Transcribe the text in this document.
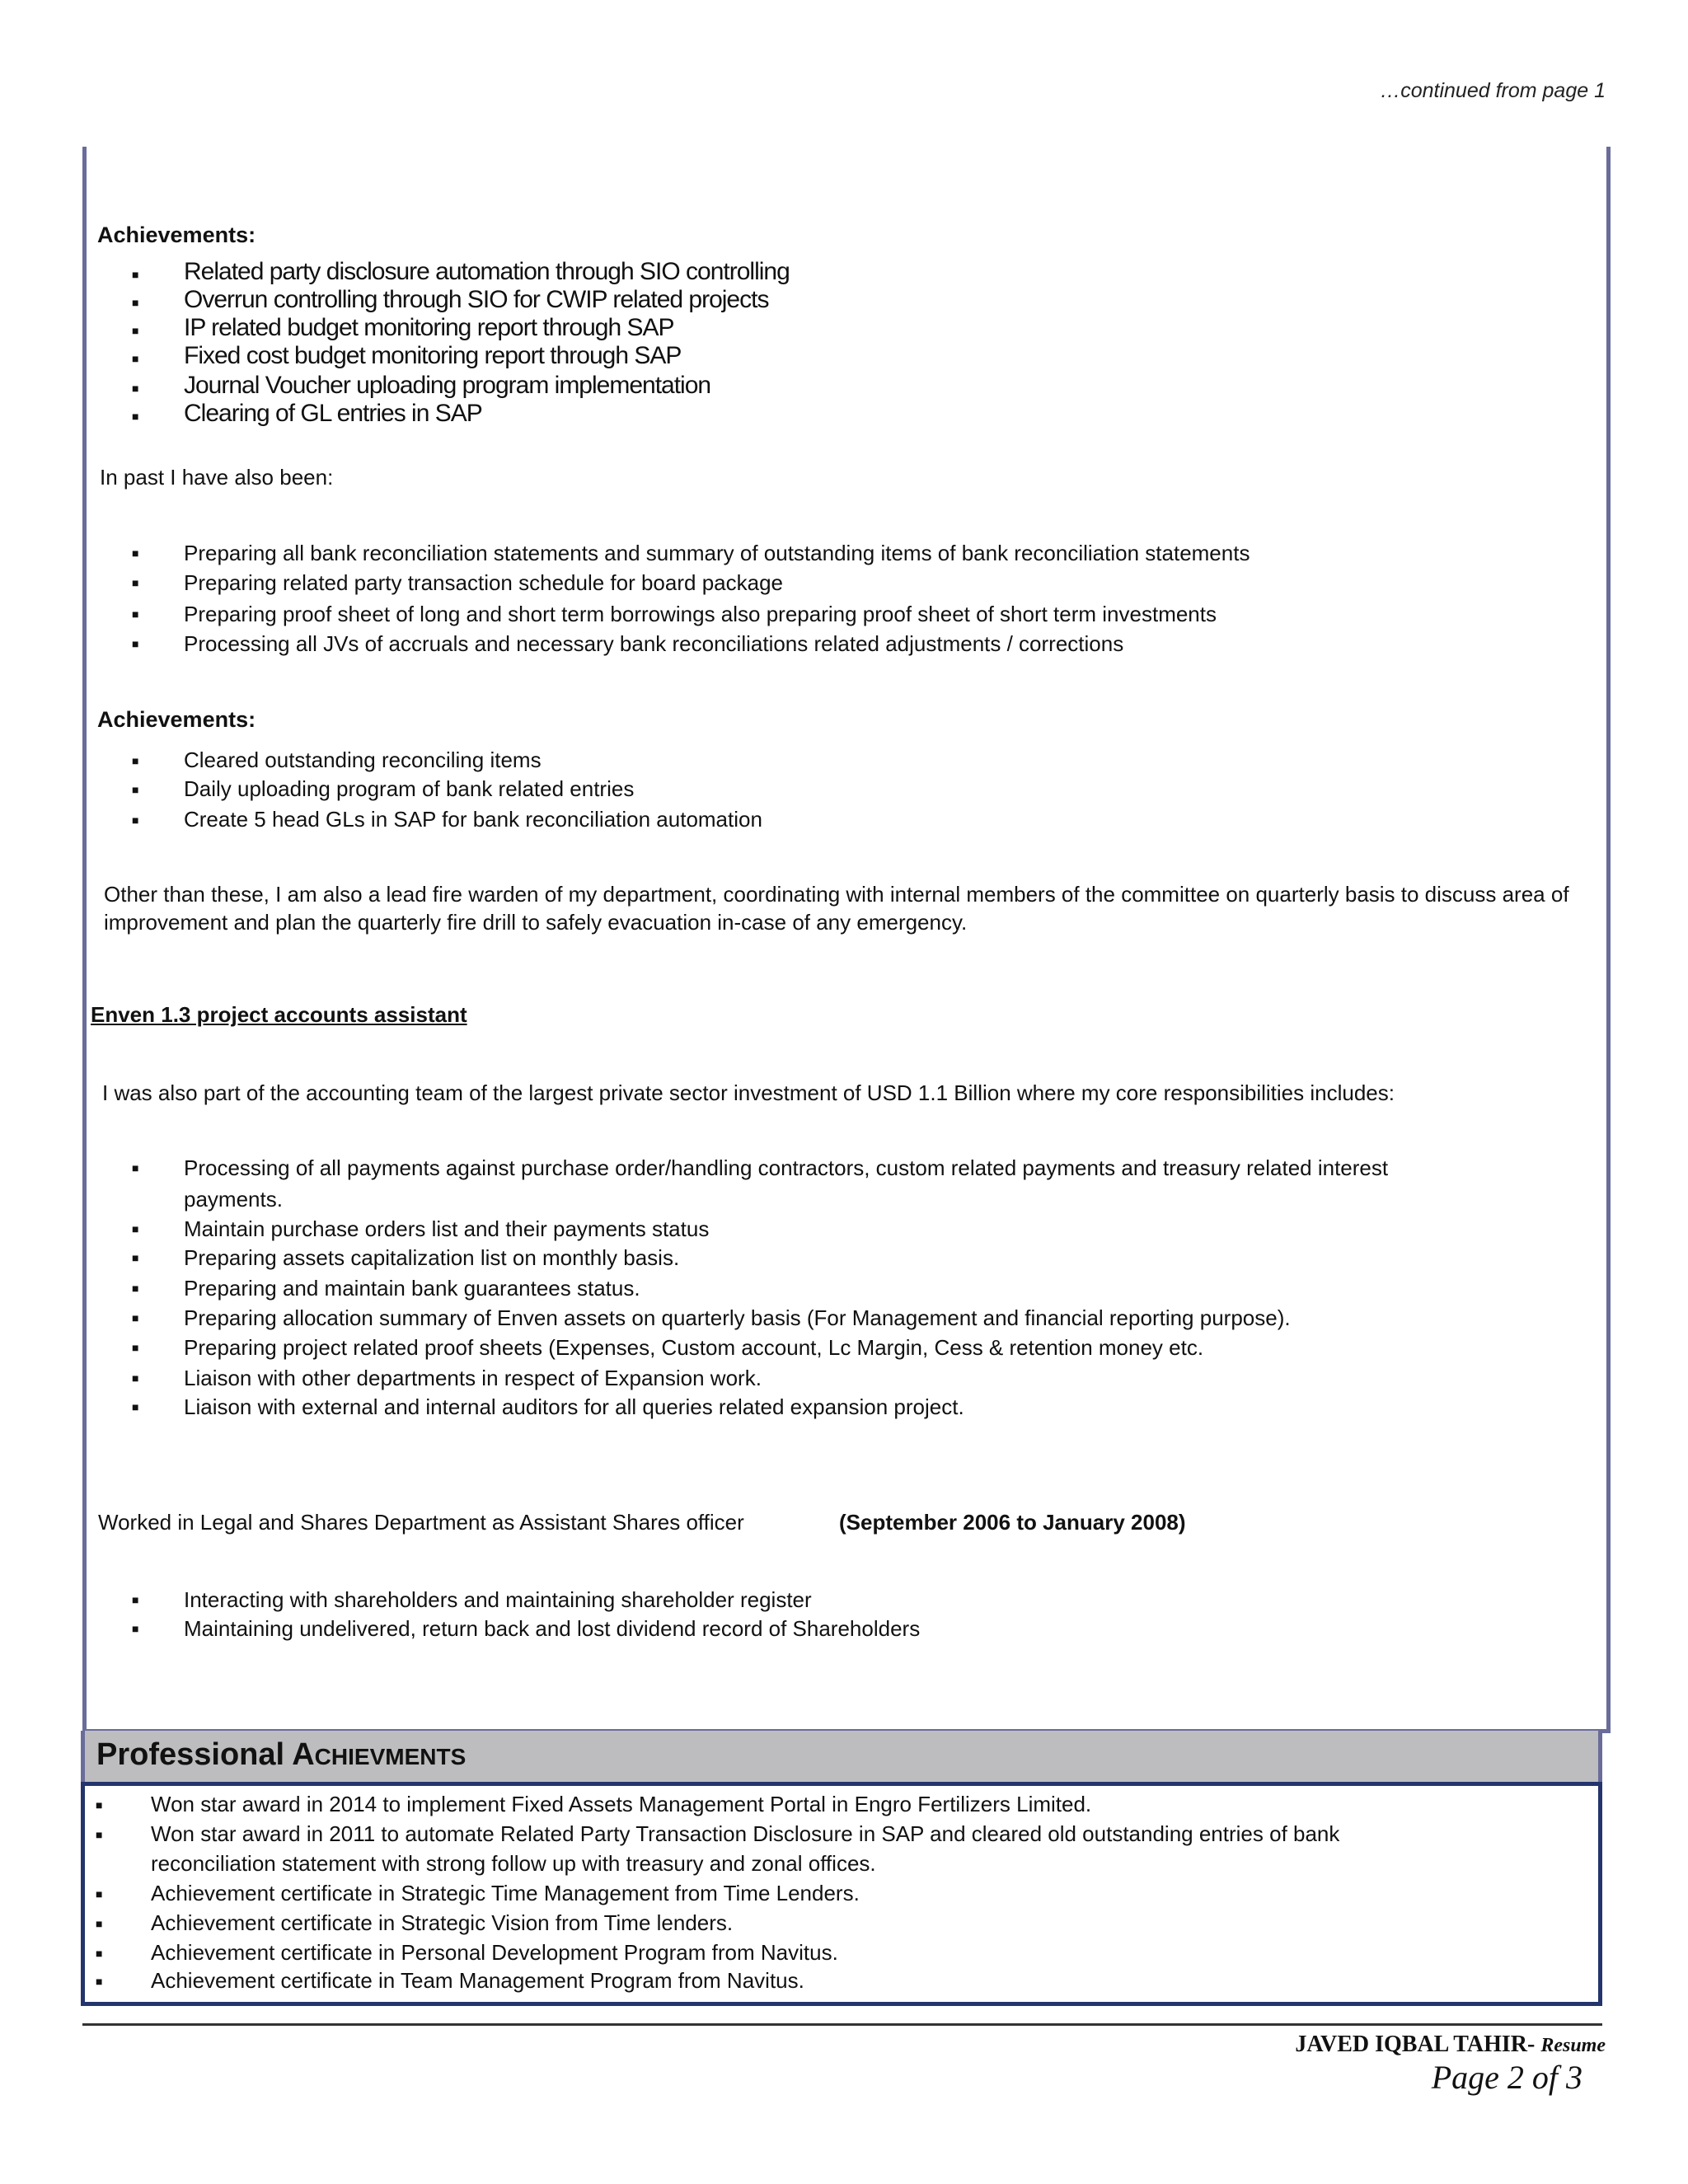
…continued from page 1
Achievements:
■ Related party disclosure automation through SIO controlling
■ Overrun controlling through SIO for CWIP related projects
■ IP related budget monitoring report through SAP
■ Fixed cost budget monitoring report through SAP
■ Journal Voucher uploading program implementation
■ Clearing of GL entries in SAP
In past I have also been:
■ Preparing all bank reconciliation statements and summary of outstanding items of bank reconciliation statements
■ Preparing related party transaction schedule for board package
■ Preparing proof sheet of long and short term borrowings also preparing proof sheet of short term investments
■ Processing all JVs of accruals and necessary bank reconciliations related adjustments / corrections
Achievements:
■ Cleared outstanding reconciling items
■ Daily uploading program of bank related entries
■ Create 5 head GLs in SAP for bank reconciliation automation
Other than these, I am also a lead fire warden of my department, coordinating with internal members of the committee on quarterly basis to discuss area of improvement and plan the quarterly fire drill to safely evacuation in-case of any emergency.
Enven 1.3 project accounts assistant
I was also part of the accounting team of the largest private sector investment of USD 1.1 Billion where my core responsibilities includes:
■ Processing of all payments against purchase order/handling contractors, custom related payments and treasury related interest
payments.
■ Maintain purchase orders list and their payments status
■ Preparing assets capitalization list on monthly basis.
■ Preparing and maintain bank guarantees status.
■ Preparing allocation summary of Enven assets on quarterly basis (For Management and financial reporting purpose).
■ Preparing project related proof sheets (Expenses, Custom account, Lc Margin, Cess & retention money etc.
■ Liaison with other departments in respect of Expansion work.
■ Liaison with external and internal auditors for all queries related expansion project.
Worked in Legal and Shares Department as Assistant Shares officer	(September 2006 to January 2008)
■ Interacting with shareholders and maintaining shareholder register
■ Maintaining undelivered, return back and lost dividend record of Shareholders
Professional ACHIEVMENTS
■ Won star award in 2014 to implement Fixed Assets Management Portal in Engro Fertilizers Limited.
■ Won star award in 2011 to automate Related Party Transaction Disclosure in SAP and cleared old outstanding entries of bank
reconciliation statement with strong follow up with treasury and zonal offices.
■ Achievement certificate in Strategic Time Management from Time Lenders.
■ Achievement certificate in Strategic Vision from Time lenders.
■ Achievement certificate in Personal Development Program from Navitus.
■ Achievement certificate in Team Management Program from Navitus.
JAVED IQBAL TAHIR- Resume
Page 2 of 3
